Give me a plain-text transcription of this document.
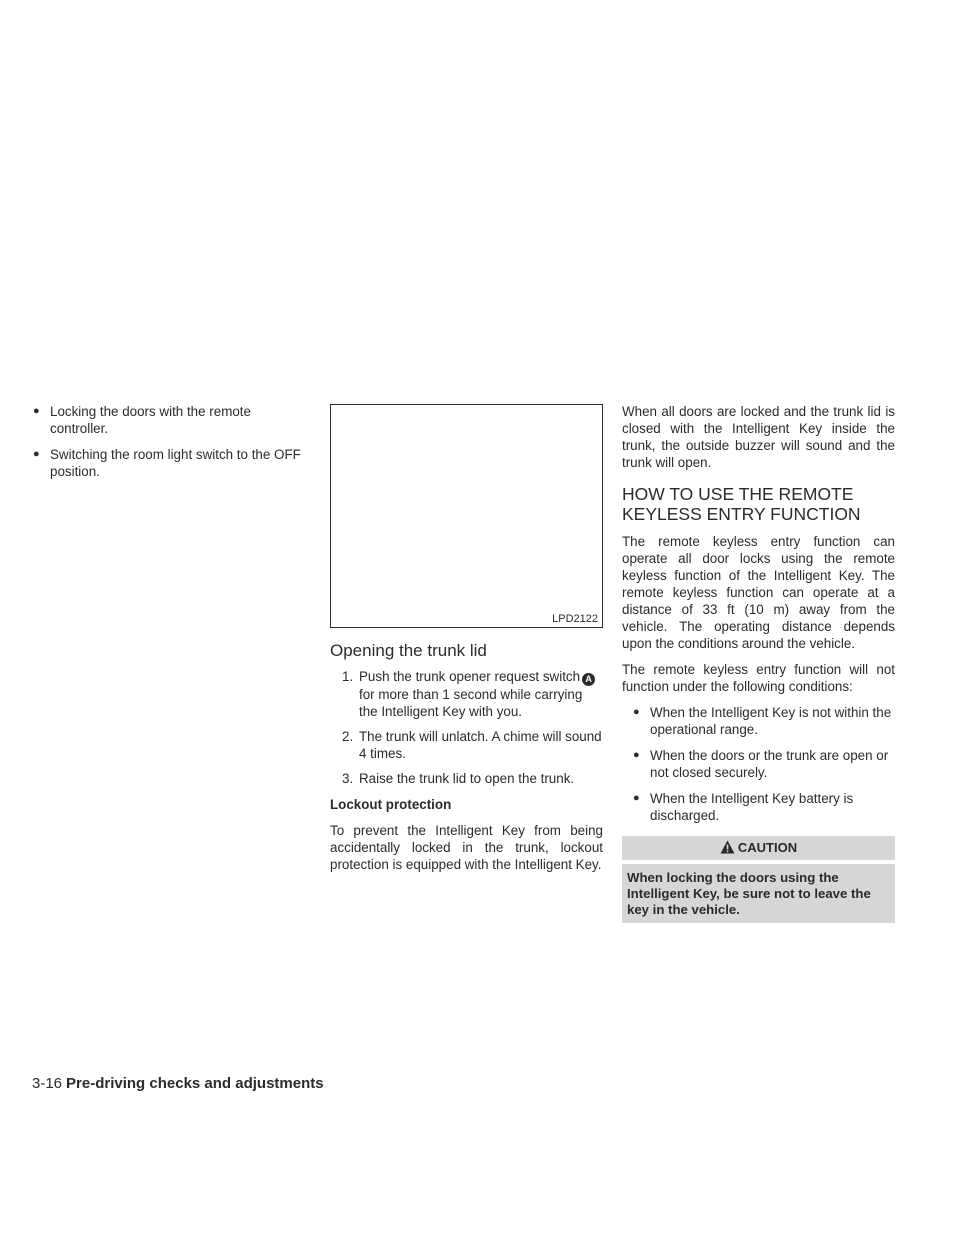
● Locking the doors with the remote controller.
● Switching the room light switch to the OFF position.
LPD2122
Opening the trunk lid
1. Push the trunk opener request switch Afor more than 1 second while carrying the Intelligent Key with you.
2. The trunk will unlatch. A chime will sound 4 times.
3. Raise the trunk lid to open the trunk.
Lockout protection

To prevent the Intelligent Key from being accidentally locked in the trunk, lockout protection is equipped with the Intelligent Key.

When all doors are locked and the trunk lid is closed with the Intelligent Key inside the trunk, the outside buzzer will sound and the trunk will open.

HOW TO USE THE REMOTE KEYLESS ENTRY FUNCTION

The remote keyless entry function can operate all door locks using the remote keyless function of the Intelligent Key. The remote keyless function can operate at a distance of 33 ft (10 m) away from the vehicle. The operating distance depends upon the conditions around the vehicle.

The remote keyless entry function will not function under the following conditions:

● When the Intelligent Key is not within the operational range.
● When the doors or the trunk are open or not closed securely.
● When the Intelligent Key battery is discharged.
CAUTION
When locking the doors using the Intelligent Key, be sure not to leave the key in the vehicle.
3-16 Pre-driving checks and adjustments
